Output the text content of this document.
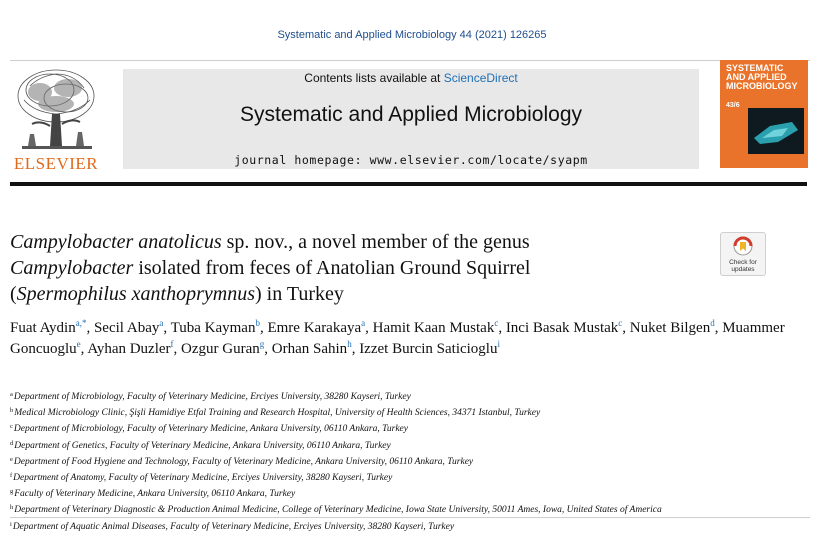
Systematic and Applied Microbiology 44 (2021) 126265
ELSEVIER
Contents lists available at ScienceDirect
Systematic and Applied Microbiology
journal homepage: www.elsevier.com/locate/syapm
SYSTEMATIC AND APPLIED MICROBIOLOGY
43/6
Campylobacter anatolicus sp. nov., a novel member of the genus Campylobacter isolated from feces of Anatolian Ground Squirrel (Spermophilus xanthoprymnus) in Turkey
Check for
updates
Fuat Aydin$^{a,*}$, Secil Abay$^a$, Tuba Kayman$^b$, Emre Karakaya$^a$, Hamit Kaan Mustak$^c$, Inci Basak Mustak$^c$, Nuket Bilgen$^d$, Muammer Goncuoglu$^e$, Ayhan Duzler$^f$, Ozgur Guran$^g$, Orhan Sahin$^h$, Izzet Burcin Saticioglu$^i$
$^a$Department of Microbiology, Faculty of Veterinary Medicine, Erciyes University, 38280 Kayseri, Turkey
$^b$Medical Microbiology Clinic, Şişli Hamidiye Etfal Training and Research Hospital, University of Health Sciences, 34371 Istanbul, Turkey
$^c$Department of Microbiology, Faculty of Veterinary Medicine, Ankara University, 06110 Ankara, Turkey
$^d$Department of Genetics, Faculty of Veterinary Medicine, Ankara University, 06110 Ankara, Turkey
$^e$Department of Food Hygiene and Technology, Faculty of Veterinary Medicine, Ankara University, 06110 Ankara, Turkey
$^f$Department of Anatomy, Faculty of Veterinary Medicine, Erciyes University, 38280 Kayseri, Turkey
$^g$Faculty of Veterinary Medicine, Ankara University, 06110 Ankara, Turkey
$^h$Department of Veterinary Diagnostic & Production Animal Medicine, College of Veterinary Medicine, Iowa State University, 50011 Ames, Iowa, United States of America
$^i$Department of Aquatic Animal Diseases, Faculty of Veterinary Medicine, Erciyes University, 38280 Kayseri, Turkey
